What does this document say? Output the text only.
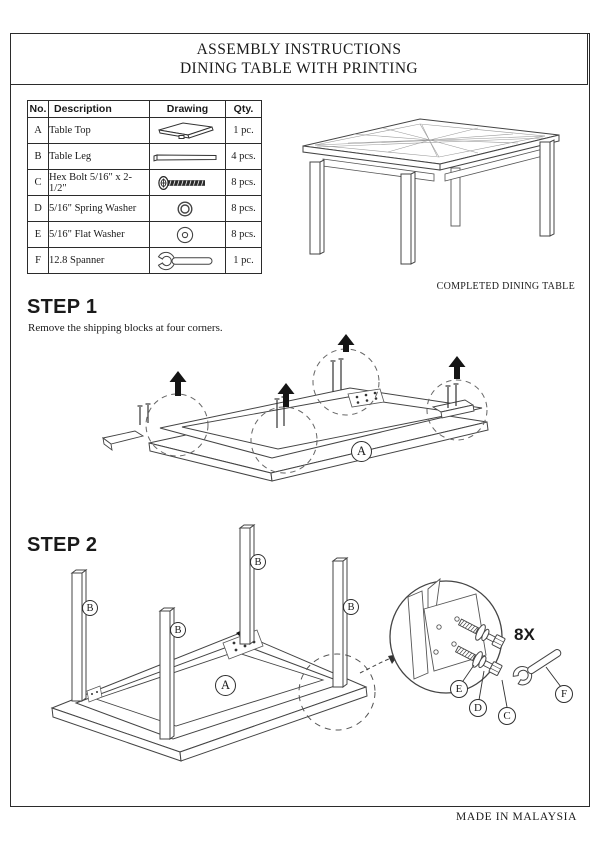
ASSEMBLY INSTRUCTIONS
DINING TABLE WITH PRINTING
No.	Description	Drawing	Qty.
A	Table Top		1 pc.
B	Table Leg		4 pcs.
C	Hex Bolt 5/16" x 2-1/2"		8 pcs.
D	5/16" Spring Washer		8 pcs.
E	5/16" Flat Washer		8 pcs.
F	12.8 Spanner		1 pc.
COMPLETED DINING TABLE
STEP 1
Remove the shipping blocks at four corners.
A
STEP 2
A
B
B
B
B
8X
E
D
C
F
MADE IN MALAYSIA
